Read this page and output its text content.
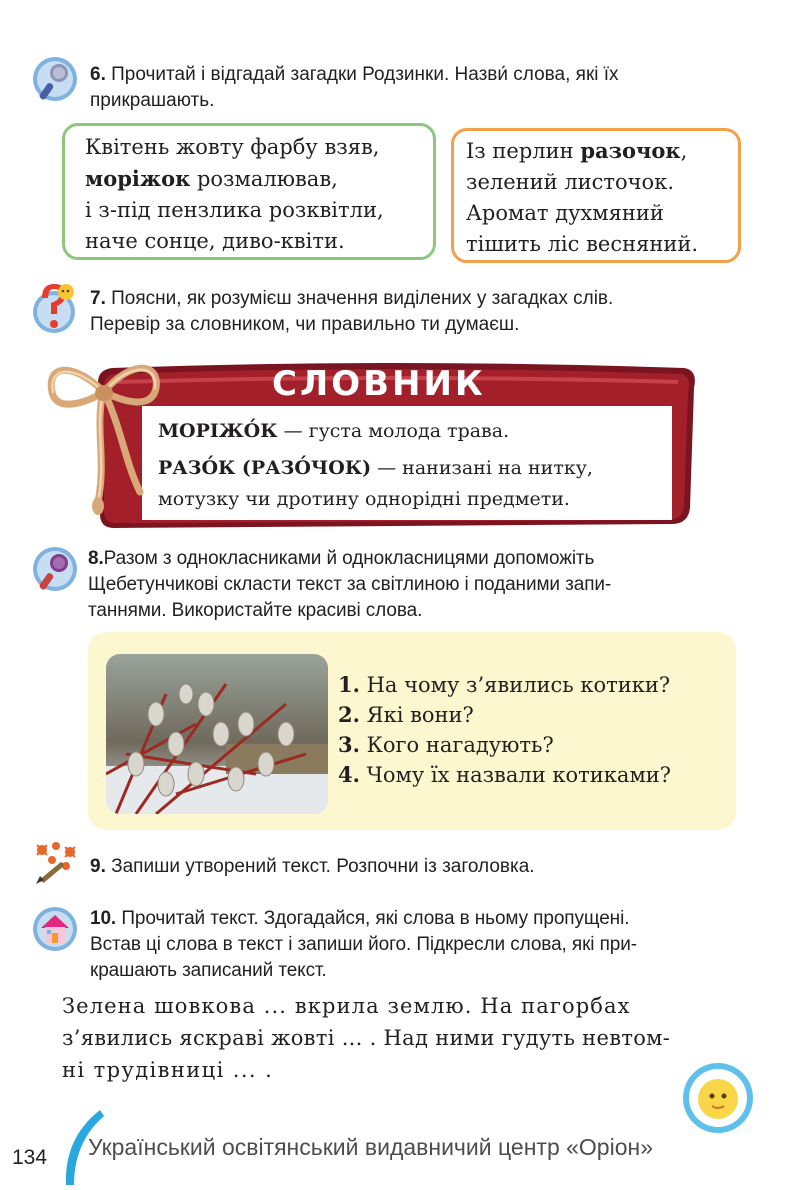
6. Прочитай і відгадай загадки Родзинки. Назви́ слова, які їх
прикрашають.
Квітень жовту фарбу взяв,
моріжок розмалював,
і з-під пензлика розквітли,
наче сонце, диво-квіти.
Із перлин разочок,
зелений листочок.
Аромат духмяний
тішить ліс весняний.
7. Поясни, як розумієш значення виділених у загадках слів.
Перевір за словником, чи правильно ти думаєш.
СЛОВНИК
МОРІЖО́К — густа молода трава.
РАЗО́К (РАЗО́ЧОК) — нанизані на нитку,
мотузку чи дротину однорідні предмети.
8.Разом з однокласниками й однокласницями допоможіть
Щебетунчикові скласти текст за світлиною і поданими запи-
таннями. Використайте красиві слова.
1. На чому з’явились котики?
2. Які вони?
3. Кого нагадують?
4. Чому їх назвали котиками?
9. Запиши утворений текст. Розпочни із заголовка.
10. Прочитай текст. Здогадайся, які слова в ньому пропущені.
Встав ці слова в текст і запиши його. Підкресли слова, які при-
крашають записаний текст.
Зелена шовкова ... вкрила землю. На пагорбах
з’явились яскраві жовті ... . Над ними гудуть невтом-
ні трудівниці ... .
134 Український освітянський видавничий центр «Оріон»
